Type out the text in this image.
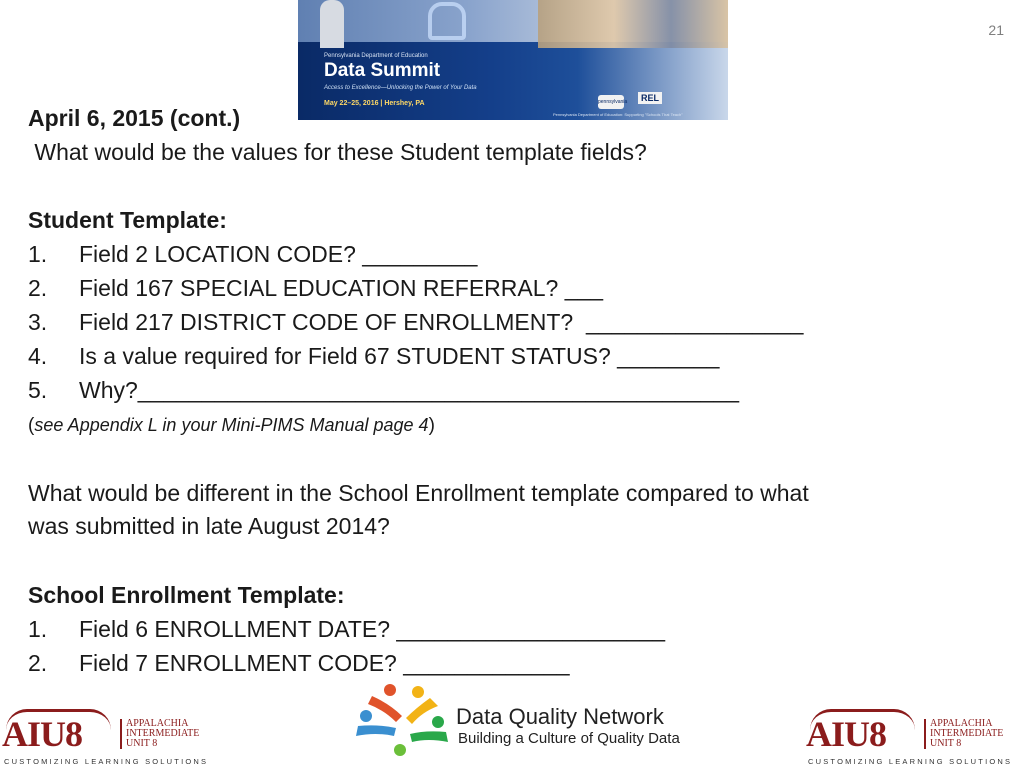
21
Pennsylvania Department of Education
Data Summit
Access to Excellence—Unlocking the Power of Your Data
May 22–25, 2016 | Hershey, PA	pennsylvania	REL
Pennsylvania Department of Education: Supporting "Schools That Teach"
April 6, 2015 (cont.)
What would be the values for these Student template fields?
Student Template:
1. Field 2 LOCATION CODE? _________
2. Field 167 SPECIAL EDUCATION REFERRAL? ___
3. Field 217 DISTRICT CODE OF ENROLLMENT?  _________________
4. Is a value required for Field 67 STUDENT STATUS? ________
5. Why?_______________________________________________
(see Appendix L in your Mini-PIMS Manual page 4)
What would be different in the School Enrollment template compared to what
was submitted in late August 2014?
School Enrollment Template:
1. Field 6 ENROLLMENT DATE? _____________________
2. Field 7 ENROLLMENT CODE? _____________
AIU8	APPALACHIA
INTERMEDIATE
UNIT 8
CUSTOMIZING LEARNING SOLUTIONS
Data Quality Network
Building a Culture of Quality Data	AIU8	APPALACHIA
INTERMEDIATE
UNIT 8
CUSTOMIZING LEARNING SOLUTIONS
